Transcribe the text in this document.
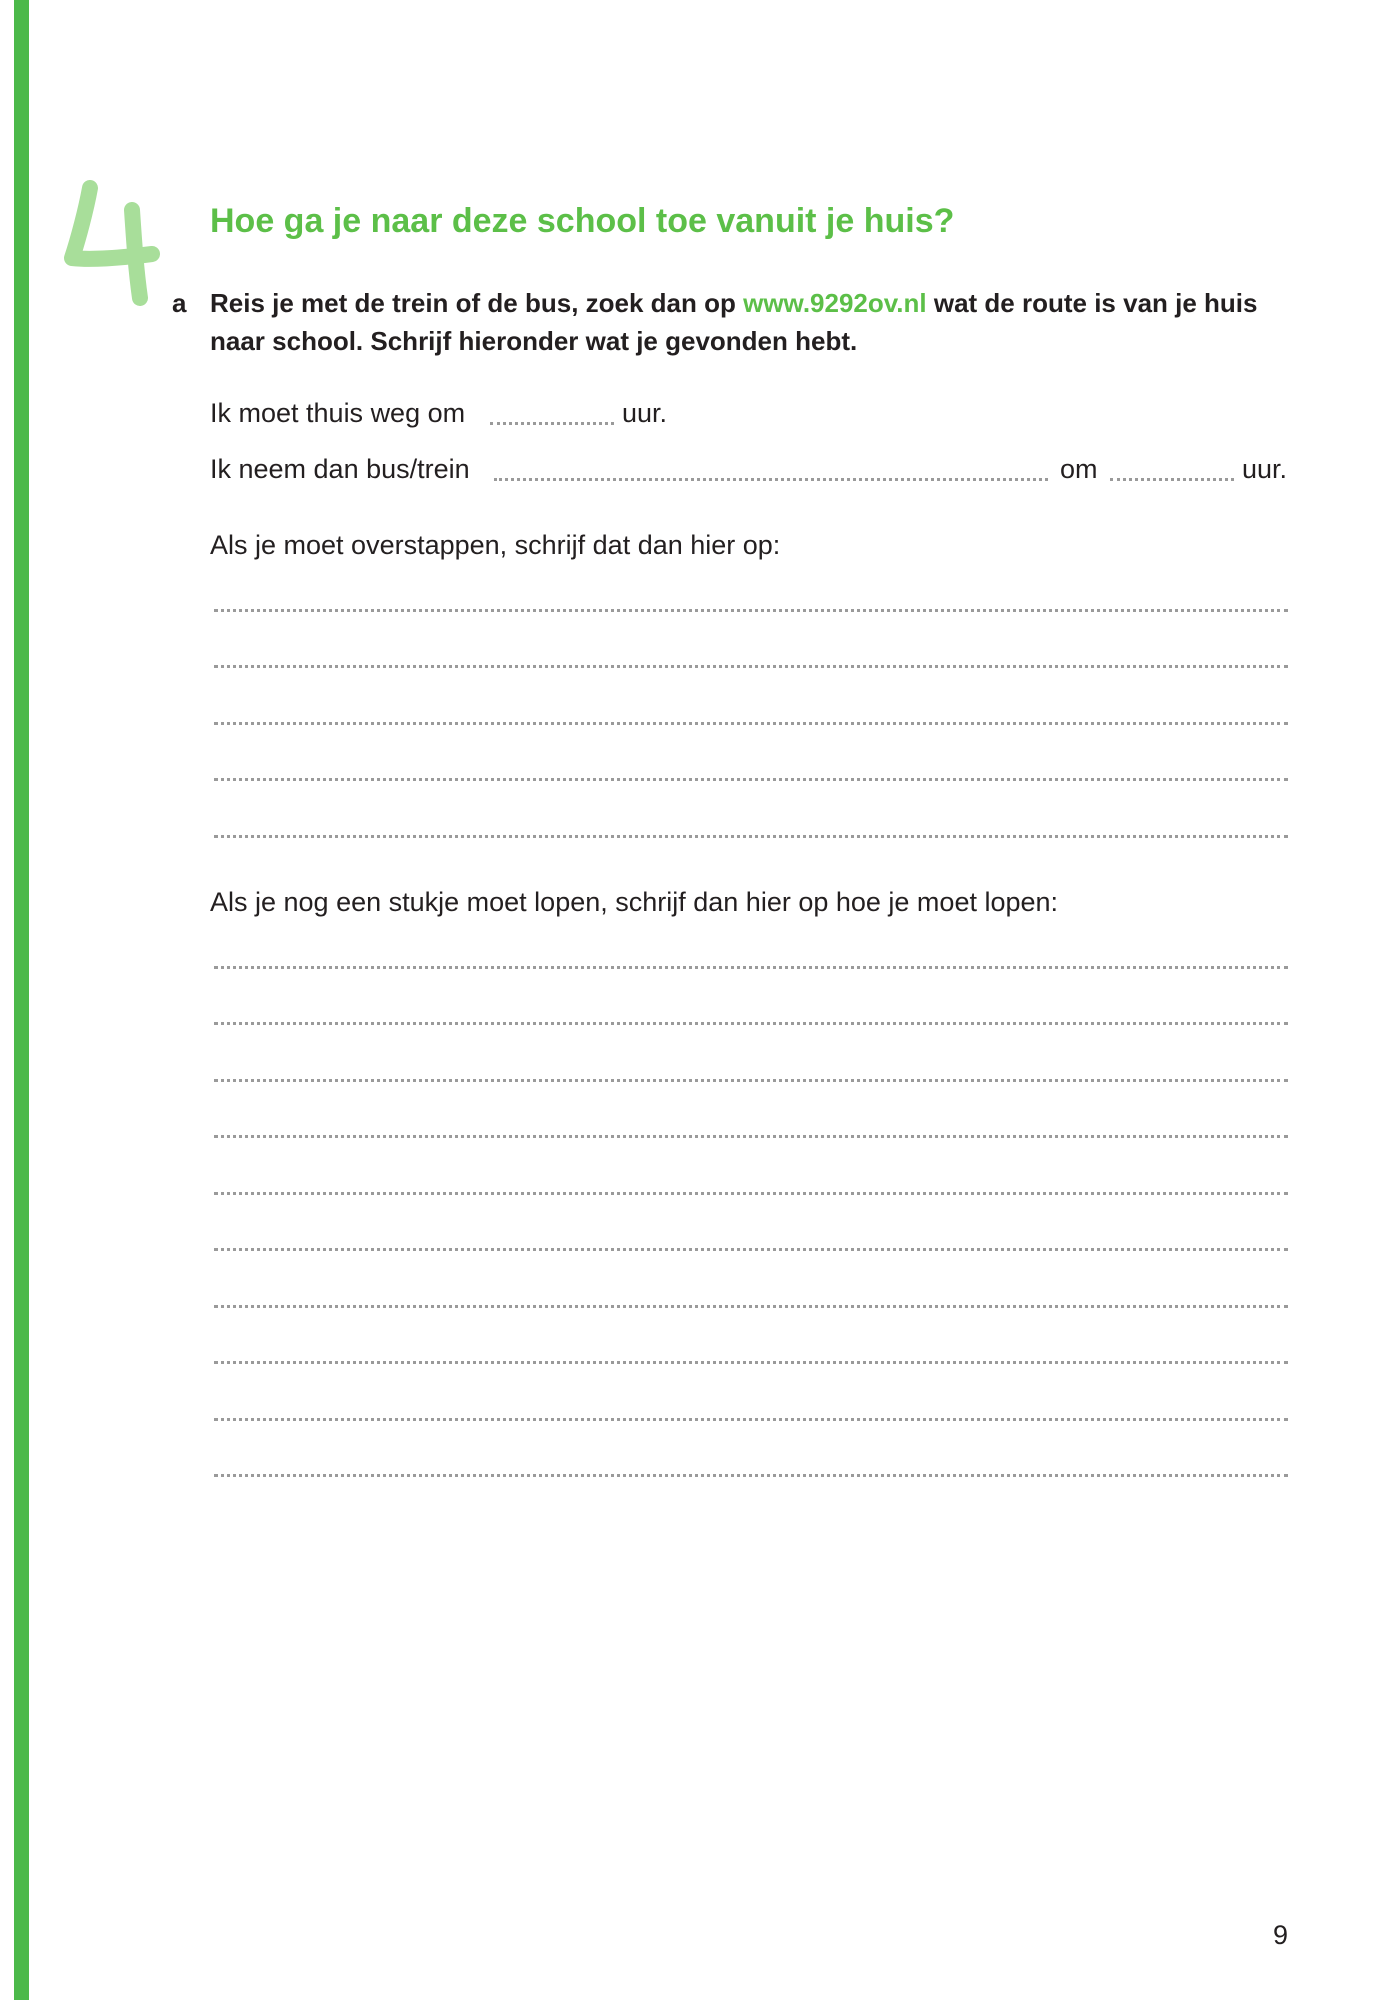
Hoe ga je naar deze school toe vanuit je huis?
a Reis je met de trein of de bus, zoek dan op www.9292ov.nl wat de route is van je huis naar school. Schrijf hieronder wat je gevonden hebt.
Ik moet thuis weg om	uur.
Ik neem dan bus/trein	om	uur.
Als je moet overstappen, schrijf dat dan hier op:
Als je nog een stukje moet lopen, schrijf dan hier op hoe je moet lopen:
9
